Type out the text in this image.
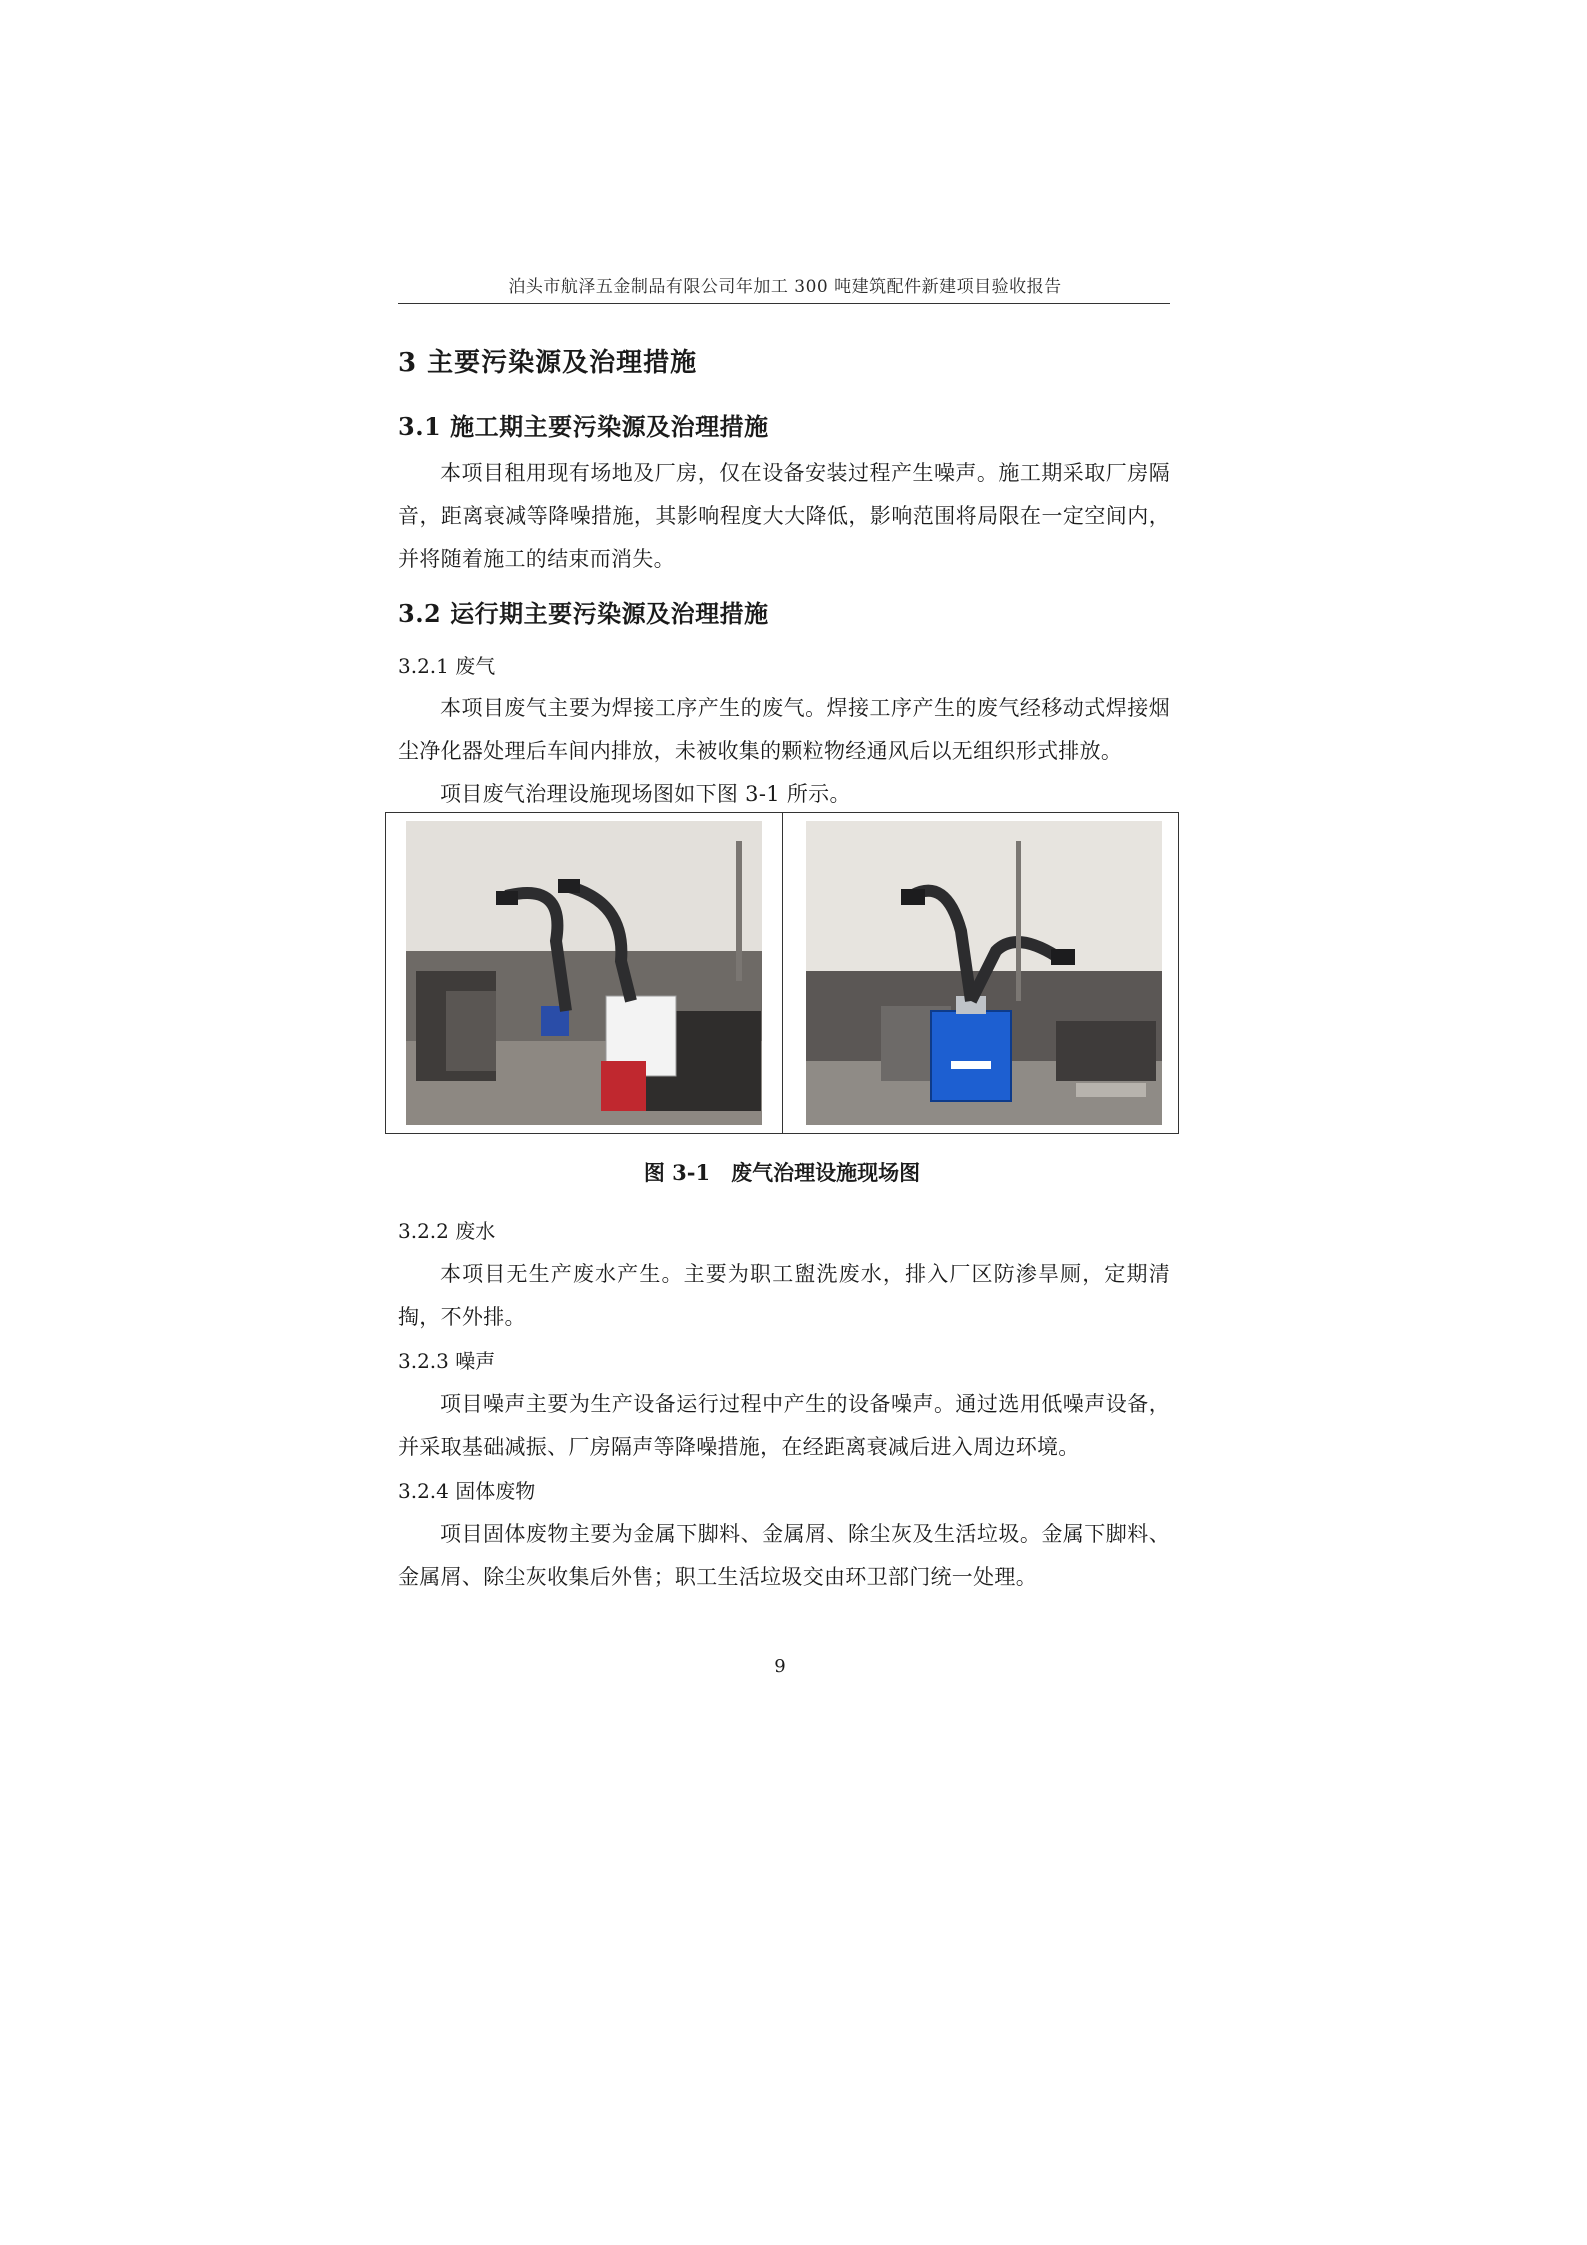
泊头市航泽五金制品有限公司年加工 300 吨建筑配件新建项目验收报告
3 主要污染源及治理措施
3.1 施工期主要污染源及治理措施
本项目租用现有场地及厂房，仅在设备安装过程产生噪声。施工期采取厂房隔音，距离衰减等降噪措施，其影响程度大大降低，影响范围将局限在一定空间内，并将随着施工的结束而消失。
3.2 运行期主要污染源及治理措施
3.2.1 废气
本项目废气主要为焊接工序产生的废气。焊接工序产生的废气经移动式焊接烟尘净化器处理后车间内排放，未被收集的颗粒物经通风后以无组织形式排放。
项目废气治理设施现场图如下图 3-1 所示。
图 3-1　废气治理设施现场图
3.2.2 废水
本项目无生产废水产生。主要为职工盥洗废水，排入厂区防渗旱厕，定期清掏，不外排。
3.2.3 噪声
项目噪声主要为生产设备运行过程中产生的设备噪声。通过选用低噪声设备，并采取基础减振、厂房隔声等降噪措施，在经距离衰减后进入周边环境。
3.2.4 固体废物
项目固体废物主要为金属下脚料、金属屑、除尘灰及生活垃圾。金属下脚料、金属屑、除尘灰收集后外售；职工生活垃圾交由环卫部门统一处理。
9
